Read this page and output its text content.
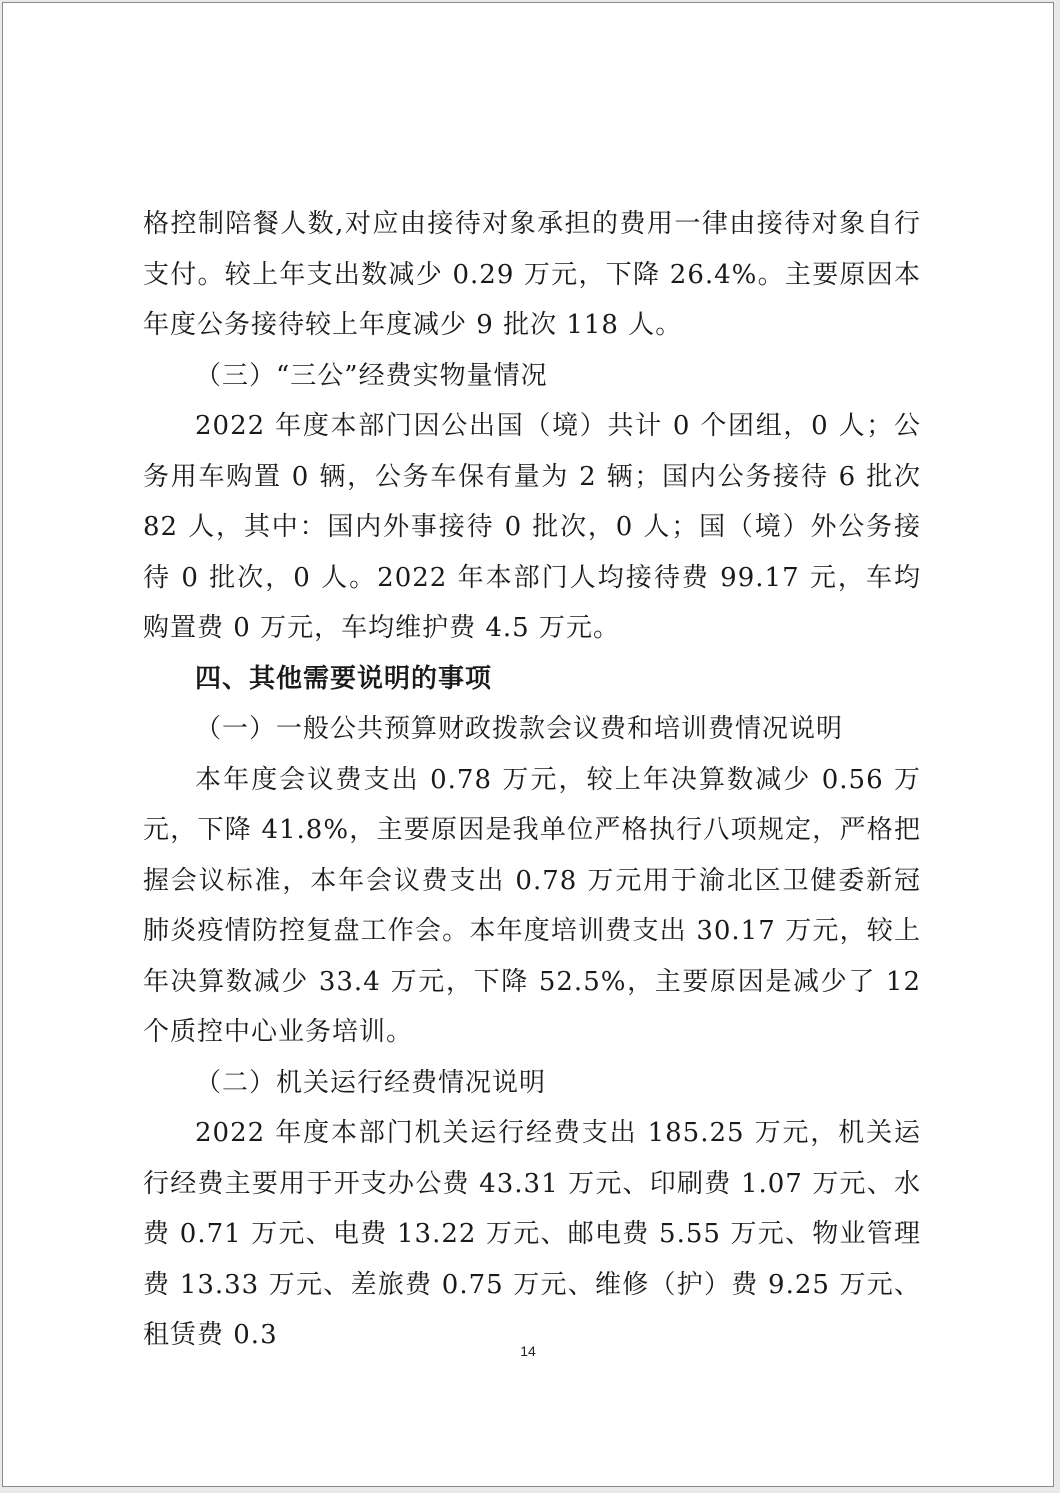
格控制陪餐人数,对应由接待对象承担的费用一律由接待对象自行支付。较上年支出数减少 0.29 万元，下降 26.4%。主要原因本年度公务接待较上年度减少 9 批次 118 人。

（三）“三公”经费实物量情况

2022 年度本部门因公出国（境）共计 0 个团组，0 人；公务用车购置 0 辆，公务车保有量为 2 辆；国内公务接待 6 批次 82 人，其中：国内外事接待 0 批次，0 人；国（境）外公务接待 0 批次，0 人。2022 年本部门人均接待费 99.17 元，车均购置费 0 万元，车均维护费 4.5 万元。

四、其他需要说明的事项

（一）一般公共预算财政拨款会议费和培训费情况说明

本年度会议费支出 0.78 万元，较上年决算数减少 0.56 万元，下降 41.8%，主要原因是我单位严格执行八项规定，严格把握会议标准，本年会议费支出 0.78 万元用于渝北区卫健委新冠肺炎疫情防控复盘工作会。本年度培训费支出 30.17 万元，较上年决算数减少 33.4 万元，下降 52.5%，主要原因是减少了 12 个质控中心业务培训。

（二）机关运行经费情况说明

2022 年度本部门机关运行经费支出 185.25 万元，机关运行经费主要用于开支办公费 43.31 万元、印刷费 1.07 万元、水费 0.71 万元、电费 13.22 万元、邮电费 5.55 万元、物业管理费 13.33 万元、差旅费 0.75 万元、维修（护）费 9.25 万元、租赁费 0.3

14
